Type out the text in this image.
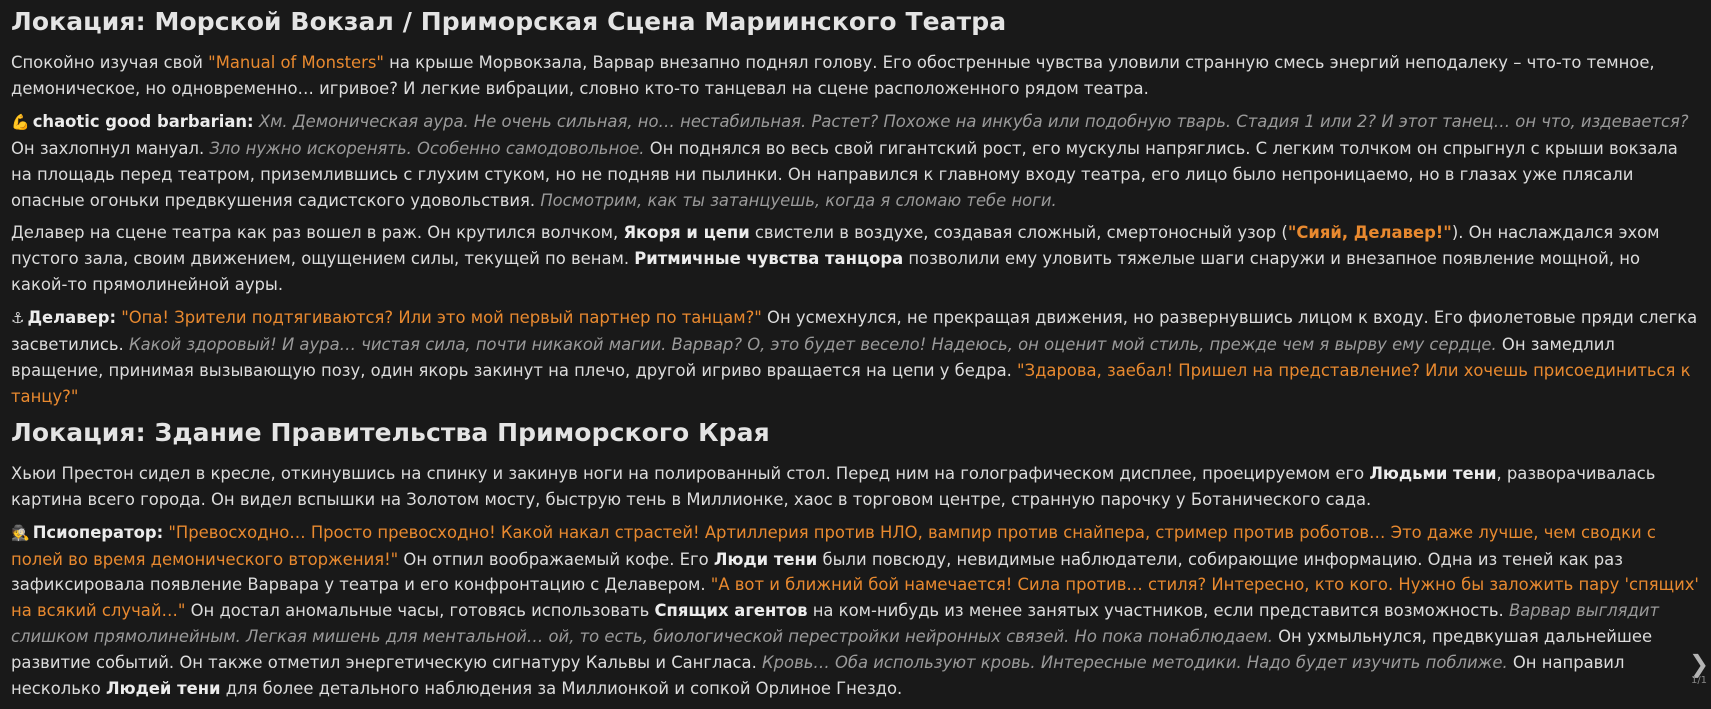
Локация: Морской Вокзал / Приморская Сцена Мариинского Театра

Спокойно изучая свой "Manual of Monsters" на крыше Морвокзала, Варвар внезапно поднял голову. Его обостренные чувства уловили странную смесь энергий неподалеку – что-то темное, демоническое, но одновременно… игривое? И легкие вибрации, словно кто-то танцевал на сцене расположенного рядом театра.

💪 chaotic good barbarian: Хм. Демоническая аура. Не очень сильная, но… нестабильная. Растет? Похоже на инкуба или подобную тварь. Стадия 1 или 2? И этот танец… он что, издевается? Он захлопнул мануал. Зло нужно искоренять. Особенно самодовольное. Он поднялся во весь свой гигантский рост, его мускулы напряглись. С легким толчком он спрыгнул с крыши вокзала на площадь перед театром, приземлившись с глухим стуком, но не подняв ни пылинки. Он направился к главному входу театра, его лицо было непроницаемо, но в глазах уже плясали опасные огоньки предвкушения садистского удовольствия. Посмотрим, как ты затанцуешь, когда я сломаю тебе ноги.

Делавер на сцене театра как раз вошел в раж. Он крутился волчком, Якоря и цепи свистели в воздухе, создавая сложный, смертоносный узор ("Сияй, Делавер!"). Он наслаждался эхом пустого зала, своим движением, ощущением силы, текущей по венам. Ритмичные чувства танцора позволили ему уловить тяжелые шаги снаружи и внезапное появление мощной, но какой-то прямолинейной ауры.

⚓ Делавер: "Опа! Зрители подтягиваются? Или это мой первый партнер по танцам?" Он усмехнулся, не прекращая движения, но развернувшись лицом к входу. Его фиолетовые пряди слегка засветились. Какой здоровый! И аура… чистая сила, почти никакой магии. Варвар? О, это будет весело! Надеюсь, он оценит мой стиль, прежде чем я вырву ему сердце. Он замедлил вращение, принимая вызывающую позу, один якорь закинут на плечо, другой игриво вращается на цепи у бедра. "Здарова, заебал! Пришел на представление? Или хочешь присоединиться к танцу?"

Локация: Здание Правительства Приморского Края

Хьюи Престон сидел в кресле, откинувшись на спинку и закинув ноги на полированный стол. Перед ним на голографическом дисплее, проецируемом его Людьми тени, разворачивалась картина всего города. Он видел вспышки на Золотом мосту, быструю тень в Миллионке, хаос в торговом центре, странную парочку у Ботанического сада.

🕵 Псиоператор: "Превосходно… Просто превосходно! Какой накал страстей! Артиллерия против НЛО, вампир против снайпера, стример против роботов… Это даже лучше, чем сводки с полей во время демонического вторжения!" Он отпил воображаемый кофе. Его Люди тени были повсюду, невидимые наблюдатели, собирающие информацию. Одна из теней как раз зафиксировала появление Варвара у театра и его конфронтацию с Делавером. "А вот и ближний бой намечается! Сила против… стиля? Интересно, кто кого. Нужно бы заложить пару 'спящих' на всякий случай…" Он достал аномальные часы, готовясь использовать Спящих агентов на ком-нибудь из менее занятых участников, если представится возможность. Варвар выглядит слишком прямолинейным. Легкая мишень для ментальной… ой, то есть, биологической перестройки нейронных связей. Но пока понаблюдаем. Он ухмыльнулся, предвкушая дальнейшее развитие событий. Он также отметил энергетическую сигнатуру Кальвы и Сангласа. Кровь… Оба используют кровь. Интересные методики. Надо будет изучить поближе. Он направил несколько Людей тени для более детального наблюдения за Миллионкой и сопкой Орлиное Гнездо.

❯
1/1
